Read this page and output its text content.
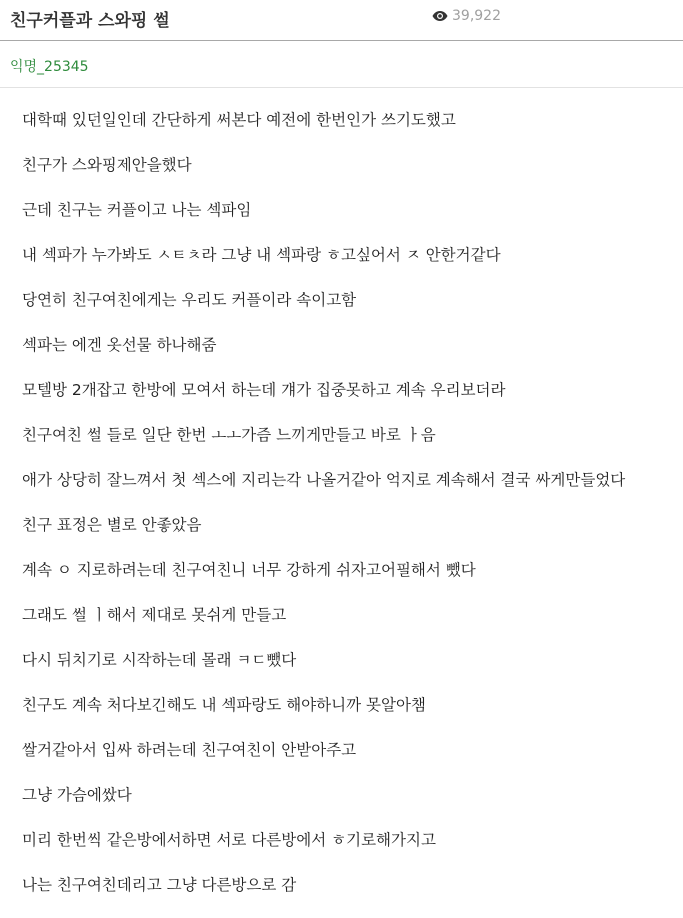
친구커플과 스와핑 썰	39,922
익명_25345
대학때 있던일인데 간단하게 써본다 예전에 한번인가 쓰기도했고
친구가 스와핑제안을했다
근데 친구는 커플이고 나는 섹파임
내 섹파가 누가봐도 ㅅㅌㅊ라 그냥 내 섹파랑 ㅎ고싶어서 ㅈ 안한거같다
당연히 친구여친에게는 우리도 커플이라 속이고함
섹파는 에겐 옷선물 하나해줌
모텔방 2개잡고 한방에 모여서 하는데 걔가 집중못하고 계속 우리보더라
친구여친 썰 들로 일단 한번 ㅗㅗ가즘 느끼게만들고 바로 ㅏ음
애가 상당히 잘느껴서 첫 섹스에 지리는각 나올거같아 억지로 계속해서 결국 싸게만들었다
친구 표정은 별로 안좋았음
계속 ㅇ 지로하려는데 친구여친니 너무 강하게 쉬자고어필해서 뺐다
그래도 썰 ㅣ해서 제대로 못쉬게 만들고
다시 뒤치기로 시작하는데 몰래 ㅋㄷ뺐다
친구도 계속 처다보긴해도 내 섹파랑도 해야하니까 못알아챔
쌀거같아서 입싸 하려는데 친구여친이 안받아주고
그냥 가슴에쌌다
미리 한번씩 같은방에서하면 서로 다른방에서 ㅎ기로해가지고
나는 친구여친데리고 그냥 다른방으로 감
